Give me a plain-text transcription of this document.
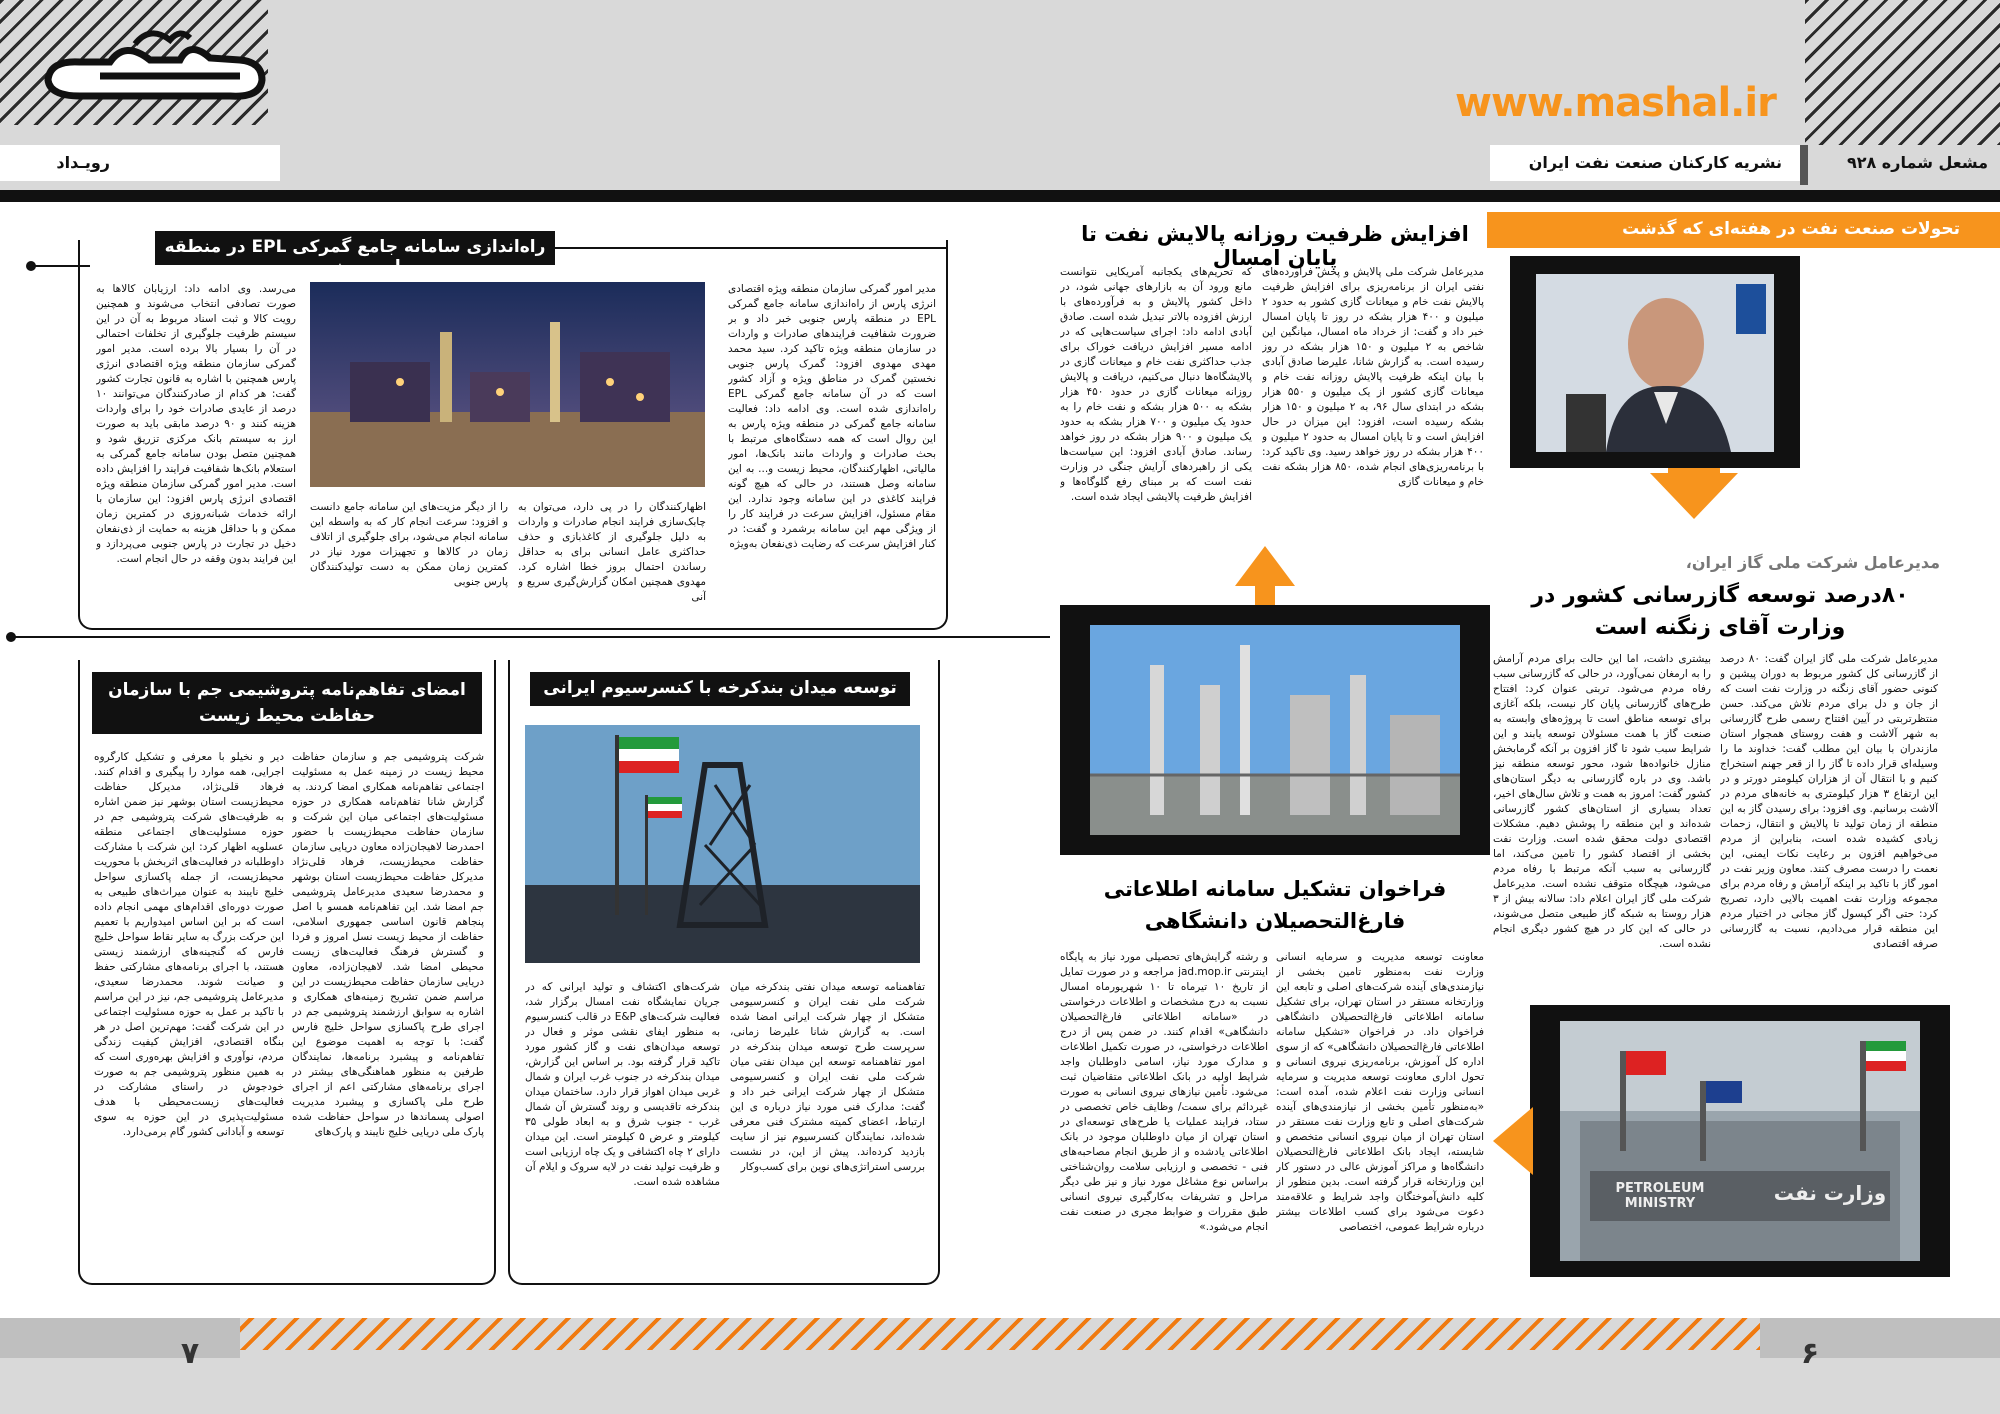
www.mashal.ir
نشریه کارکنان صنعت نفت ایران	مشعل شماره ۹۲۸
رویـداد
تحولات صنعت نفت در هفته‌ای که گذشت
مدیرعامل شرکت ملی گاز ایران،
۸۰درصد توسعه گازرسانی کشور در وزارت آقای زنگنه است
مدیرعامل شرکت ملی گاز ایران گفت: ۸۰ درصد از گازرسانی کل کشور مربوط به دوران پیشین و کنونی حضور آقای زنگنه در وزارت نفت است که از جان و دل برای مردم تلاش می‌کند. حسن منتظرتربتی در آیین افتتاح رسمی طرح گازرسانی به شهر آلاشت و هفت روستای همجوار استان مازندران با بیان این مطلب گفت: خداوند ما را وسیله‌ای قرار داده تا گاز را از قعر جهنم استخراج کنیم و با انتقال آن از هزاران کیلومتر دورتر و در این ارتفاع ۳ هزار کیلومتری به خانه‌های مردم در آلاشت برسانیم. وی افزود: برای رسیدن گاز به این منطقه از زمان تولید تا پالایش و انتقال، زحمات زیادی کشیده شده است، بنابراین از مردم می‌خواهیم افزون بر رعایت نکات ایمنی، این نعمت را درست مصرف کنند. معاون وزیر نفت در امور گاز با تاکید بر اینکه آرامش و رفاه مردم برای مجموعه وزارت نفت اهمیت بالایی دارد، تصریح کرد: حتی اگر کپسول گاز مجانی در اختیار مردم این منطقه قرار می‌دادیم، نسبت به گازرسانی صرفه اقتصادی
بیشتری داشت، اما این حالت برای مردم آرامش را به ارمغان نمی‌آورد، در حالی که گازرسانی سبب رفاه مردم می‌شود. تربتی عنوان کرد: افتتاح طرح‌های گازرسانی پایان کار نیست، بلکه آغازی برای توسعه مناطق است تا پروژه‌های وابسته به صنعت گاز با همت مسئولان توسعه یابند و این شرایط سبب شود تا گاز افزون بر آنکه گرمابخش منازل خانواده‌ها شود، محور توسعه منطقه نیز باشد. وی در باره گازرسانی به دیگر استان‌های کشور گفت: امروز به همت و تلاش سال‌های اخیر، تعداد بسیاری از استان‌های کشور گازرسانی شده‌اند و این منطقه را پوشش دهیم. مشکلات اقتصادی دولت محقق شده است. وزارت نفت بخشی از اقتصاد کشور را تامین می‌کند، اما گازرسانی به سبب آنکه مرتبط با رفاه مردم می‌شود، هیچگاه متوقف نشده است. مدیرعامل شرکت ملی گاز ایران اعلام داد: سالانه بیش از ۳ هزار روستا به شبکه گاز طبیعی متصل می‌شوند، در حالی که این کار در هیچ کشور دیگری انجام نشده است.
وزارت نفت
PETROLEUM MINISTRY
افزایش ظرفیت روزانه پالایش نفت تا پایان امسال
مدیرعامل شرکت ملی پالایش و پخش فرآورده‌های نفتی ایران از برنامه‌ریزی برای افزایش ظرفیت پالایش نفت خام و میعانات گازی کشور به حدود ۲ میلیون و ۴۰۰ هزار بشکه در روز تا پایان امسال خبر داد و گفت: از خرداد ماه امسال، میانگین این شاخص به ۲ میلیون و ۱۵۰ هزار بشکه در روز رسیده است. به گزارش شانا، علیرضا صادق آبادی با بیان اینکه ظرفیت پالایش روزانه نفت خام و میعانات گازی کشور از یک میلیون و ۵۵۰ هزار بشکه در ابتدای سال ۹۶، به ۲ میلیون و ۱۵۰ هزار بشکه رسیده است، افزود: این میزان در حال افزایش است و تا پایان امسال به حدود ۲ میلیون و ۴۰۰ هزار بشکه در روز خواهد رسید. وی تاکید کرد: با برنامه‌ریزی‌های انجام شده، ۸۵۰ هزار بشکه نفت خام و میعانات گازی
که تحریم‌های یکجانبه آمریکایی نتوانست مانع ورود آن به بازارهای جهانی شود، در داخل کشور پالایش و به فرآورده‌های با ارزش افزوده بالاتر تبدیل شده است. صادق آبادی ادامه داد: اجرای سیاست‌هایی که در ادامه مسیر افزایش دریافت خوراک برای جذب حداکثری نفت خام و میعانات گازی در پالایشگاه‌ها دنبال می‌کنیم، دریافت و پالایش روزانه میعانات گازی در حدود ۴۵۰ هزار بشکه به ۵۰۰ هزار بشکه و نفت خام را به حدود یک میلیون و ۷۰۰ هزار بشکه به حدود یک میلیون و ۹۰۰ هزار بشکه در روز خواهد رساند. صادق آبادی افزود: این سیاست‌ها یکی از راهبردهای آرایش جنگی در وزارت نفت است که بر مبنای رفع گلوگاه‌ها و افزایش ظرفیت پالایشی ایجاد شده است.
فراخوان تشکیل سامانه اطلاعاتی فارغ‌التحصیلان دانشگاهی
معاونت توسعه مدیریت و سرمایه انسانی وزارت نفت به‌منظور تامین بخشی از نیازمندی‌های آینده شرکت‌های اصلی و تابعه این وزارتخانه مستقر در استان تهران، برای تشکیل سامانه اطلاعاتی فارغ‌التحصیلان دانشگاهی فراخوان داد. در فراخوان «تشکیل سامانه اطلاعاتی فارغ‌التحصیلان دانشگاهی» که از سوی اداره کل آموزش، برنامه‌ریزی نیروی انسانی و تحول اداری معاونت توسعه مدیریت و سرمایه انسانی وزارت نفت اعلام شده، آمده است: «به‌منظور تأمین بخشی از نیازمندی‌های آینده شرکت‌های اصلی و تابع وزارت نفت مستقر در استان تهران از میان نیروی انسانی متخصص و شایسته، ایجاد بانک اطلاعاتی فارغ‌التحصیلان دانشگاه‌ها و مراکز آموزش عالی در دستور کار این وزارتخانه قرار گرفته است. بدین منظور از کلیه دانش‌آموختگان واجد شرایط و علاقه‌مند دعوت می‌شود برای کسب اطلاعات بیشتر درباره شرایط عمومی، اختصاصی
و رشته گرایش‌های تحصیلی مورد نیاز به پایگاه اینترنتی jad.mop.ir مراجعه و در صورت تمایل از تاریخ ۱۰ تیرماه تا ۱۰ شهریورماه امسال نسبت به درج مشخصات و اطلاعات درخواستی در «سامانه اطلاعاتی فارغ‌التحصیلان دانشگاهی» اقدام کنند. در ضمن پس از درج اطلاعات درخواستی، در صورت تکمیل اطلاعات و مدارک مورد نیاز، اسامی داوطلبان واجد شرایط اولیه در بانک اطلاعاتی متقاضیان ثبت می‌شود. تأمین نیازهای نیروی انسانی به صورت غیردائم برای سمت/ وظایف خاص تخصصی در ستاد، فرایند عملیات یا طرح‌های توسعه‌ای در استان تهران از میان داوطلبان موجود در بانک اطلاعاتی یادشده و از طریق انجام مصاحبه‌های فنی - تخصصی و ارزیابی سلامت روان‌شناختی براساس نوع مشاغل مورد نیاز و نیز طی دیگر مراحل و تشریفات به‌کارگیری نیروی انسانی طبق مقررات و ضوابط مجری در صنعت نفت انجام می‌شود.»
راه‌اندازی سامانه جامع گمرکی EPL در منطقه پارس جنوبی
مدیر امور گمرکی سازمان منطقه ویژه اقتصادی انرژی پارس از راه‌اندازی سامانه جامع گمرکی EPL در منطقه پارس جنوبی خبر داد و بر ضرورت شفافیت فرایندهای صادرات و واردات در سازمان منطقه ویژه تاکید کرد. سید محمد مهدی مهدوی افزود: گمرک پارس جنوبی نخستین گمرک در مناطق ویژه و آزاد کشور است که در آن سامانه جامع گمرکی EPL راه‌اندازی شده است. وی ادامه داد: فعالیت سامانه جامع گمرکی در منطقه ویژه پارس به این روال است که همه دستگاه‌های مرتبط با بحث صادرات و واردات مانند بانک‌ها، امور مالیاتی، اظهارکنندگان، محیط زیست و... به این سامانه وصل هستند، در حالی که هیچ گونه فرایند کاغذی در این سامانه وجود ندارد. این مقام مسئول، افزایش سرعت در فرایند کار را از ویژگی مهم این سامانه برشمرد و گفت: در کنار افزایش سرعت که رضایت ذی‌نفعان به‌ویژه
اظهارکنندگان را در پی دارد، می‌توان به چابک‌سازی فرایند انجام صادرات و واردات به دلیل جلوگیری از کاغذبازی و حذف حداکثری عامل انسانی برای به حداقل رساندن احتمال بروز خطا اشاره کرد. مهدوی همچنین امکان گزارش‌گیری سریع و آنی
را از دیگر مزیت‌های این سامانه جامع دانست و افزود: سرعت انجام کار که به واسطه این سامانه انجام می‌شود، برای جلوگیری از اتلاف زمان در کالاها و تجهیزات مورد نیاز در کمترین زمان ممکن به دست تولیدکنندگان پارس جنوبی
می‌رسد. وی ادامه داد: ارزیابان کالاها به صورت تصادفی انتخاب می‌شوند و همچنین رویت کالا و ثبت اسناد مربوط به آن در این سیستم ظرفیت جلوگیری از تخلفات احتمالی در آن را بسیار بالا برده است. مدیر امور گمرکی سازمان منطقه ویژه اقتصادی انرژی پارس همچنین با اشاره به قانون تجارت کشور گفت: هر کدام از صادرکنندگان می‌توانند ۱۰ درصد از عایدی صادرات خود را برای واردات هزینه کنند و ۹۰ درصد مابقی باید به صورت ارز به سیستم بانک مرکزی تزریق شود و همچنین متصل بودن سامانه جامع گمرکی به استعلام بانک‌ها شفافیت فرایند را افزایش داده است. مدیر امور گمرکی سازمان منطقه ویژه اقتصادی انرژی پارس افزود: این سازمان با ارائه خدمات شبانه‌روزی در کمترین زمان ممکن و با حداقل هزینه به حمایت از ذی‌نفعان دخیل در تجارت در پارس جنوبی می‌پردازد و این فرایند بدون وقفه در حال انجام است.
توسعه میدان بندکرخه با کنسرسیوم ایرانی
تفاهمنامه توسعه میدان نفتی بندکرخه میان شرکت ملی نفت ایران و کنسرسیومی متشکل از چهار شرکت ایرانی امضا شده است. به گزارش شانا علیرضا زمانی، سرپرست طرح توسعه میدان بندکرخه در امور تفاهمنامه توسعه این میدان نفتی میان شرکت ملی نفت ایران و کنسرسیومی متشکل از چهار شرکت ایرانی خبر داد و گفت: مدارک فنی مورد نیاز درباره ی این ارتباط، اعضای کمیته مشترک فنی معرفی شده‌اند، نمایندگان کنسرسیوم نیز از سایت بازدید کرده‌اند. پیش از این، در نشست بررسی استراتژی‌های نوین برای کسب‌وکار
شرکت‌های اکتشاف و تولید ایرانی که در جریان نمایشگاه نفت امسال برگزار شد، فعالیت شرکت‌های E&P در قالب کنسرسیوم به منظور ایفای نقشی موثر و فعال در توسعه میدان‌های نفت و گاز کشور مورد تاکید قرار گرفته بود. بر اساس این گزارش، میدان بندکرخه در جنوب غرب ایران و شمال غربی میدان اهواز قرار دارد. ساختمان میدان بندکرخه تاقدیسی و روند گسترش آن شمال غرب - جنوب شرق و به ابعاد طولی ۳۵ کیلومتر و عرض ۵ کیلومتر است. این میدان دارای ۲ چاه اکتشافی و یک چاه ارزیابی است و ظرفیت تولید نفت در لایه سروک و ایلام آن مشاهده شده است.
امضای تفاهم‌نامه پتروشیمی جم با سازمان حفاظت محیط زیست
شرکت پتروشیمی جم و سازمان حفاظت محیط زیست در زمینه عمل به مسئولیت اجتماعی تفاهم‌نامه همکاری امضا کردند. به گزارش شانا تفاهم‌نامه همکاری در حوزه مسئولیت‌های اجتماعی میان این شرکت و سازمان حفاظت محیط‌زیست با حضور احمدرضا لاهیجان‌زاده معاون دریایی سازمان حفاظت محیط‌زیست، فرهاد قلی‌نژاد مدیرکل حفاظت محیط‌زیست استان بوشهر و محمدرضا سعیدی مدیرعامل پتروشیمی جم امضا شد. این تفاهم‌نامه همسو با اصل پنجاهم قانون اساسی جمهوری اسلامی، حفاظت از محیط زیست نسل امروز و فردا و گسترش فرهنگ فعالیت‌های زیست محیطی امضا شد. لاهیجان‌زاده، معاون دریایی سازمان حفاظت محیط‌زیست در این مراسم ضمن تشریح زمینه‌های همکاری و اشاره به سوابق ارزشمند پتروشیمی جم در اجرای طرح پاکسازی سواحل خلیج فارس گفت: با توجه به اهمیت موضوع این تفاهم‌نامه و پیشبرد برنامه‌ها، نمایندگان طرفین به منظور هماهنگی‌های بیشتر در اجرای برنامه‌های مشارکتی اعم از اجرای طرح ملی پاکسازی و پیشبرد مدیریت اصولی پسماندها در سواحل حفاظت شده پارک ملی دریایی خلیج نایبند و پارک‌های
دیر و نخیلو با معرفی و تشکیل کارگروه اجرایی، همه موارد را پیگیری و اقدام کنند. فرهاد قلی‌نژاد، مدیرکل حفاظت محیط‌زیست استان بوشهر نیز ضمن اشاره به ظرفیت‌های شرکت پتروشیمی جم در حوزه مسئولیت‌های اجتماعی منطقه عسلویه اظهار کرد: این شرکت با مشارکت داوطلبانه در فعالیت‌های اثربخش با محوریت محیط‌زیست، از جمله پاکسازی سواحل خلیج نایبند به عنوان میراث‌های طبیعی به صورت دوره‌ای اقدام‌های مهمی انجام داده است که بر این اساس امیدواریم با تعمیم این حرکت بزرگ به سایر نقاط سواحل خلیج فارس که گنجینه‌های ارزشمند زیستی هستند، با اجرای برنامه‌های مشارکتی حفظ و صیانت شوند. محمدرضا سعیدی، مدیرعامل پتروشیمی جم، نیز در این مراسم با تاکید بر عمل به حوزه مسئولیت اجتماعی در این شرکت گفت: مهم‌ترین اصل در هر بنگاه اقتصادی، افزایش کیفیت زندگی مردم، نوآوری و افزایش بهره‌وری است که به همین منظور پتروشیمی جم به صورت خودجوش در راستای مشارکت در فعالیت‌های زیست‌محیطی با هدف مسئولیت‌پذیری در این حوزه به سوی توسعه و آبادانی کشور گام برمی‌دارد.
۷	۶
